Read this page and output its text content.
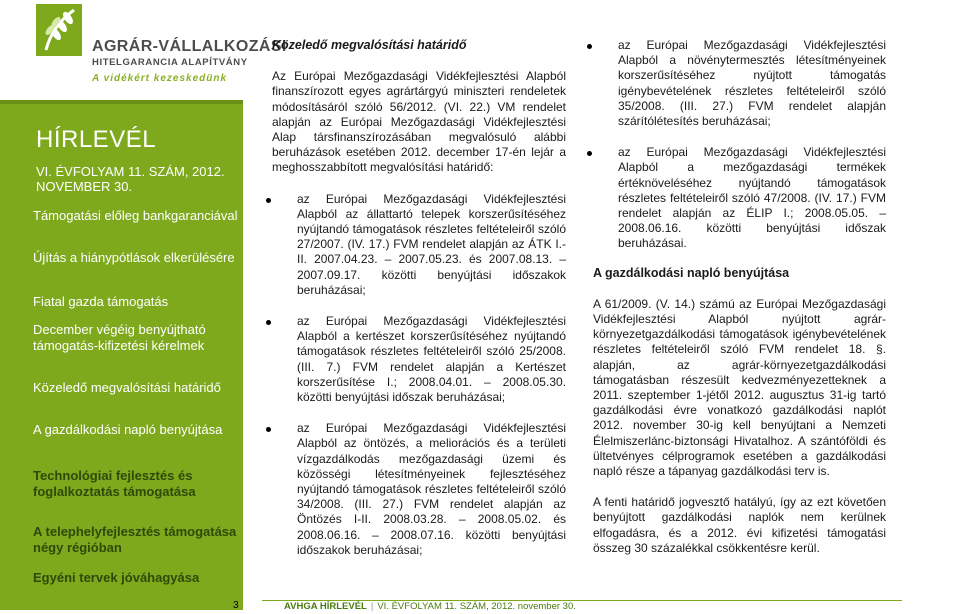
AGRÁR-VÁLLALKOZÁSI
HITELGARANCIA ALAPÍTVÁNY
A vidékért kezeskedünk
HÍRLEVÉL
VI. ÉVFOLYAM 11. SZÁM, 2012. NOVEMBER 30.
Támogatási előleg bankgaranciával
Újítás a hiánypótlások elkerülésére
Fiatal gazda támogatás
December végéig benyújtható támogatás-kifizetési kérelmek
Közeledő megvalósítási határidő
A gazdálkodási napló benyújtása
Technológiai fejlesztés és foglalkoztatás támogatása
A telephelyfejlesztés támogatása négy régióban
Egyéni tervek jóváhagyása
3
Közeledő megvalósítási határidő

Az Európai Mezőgazdasági Vidékfejlesztési Alapból finanszírozott egyes agrártárgyú miniszteri rendeletek módosításáról szóló 56/2012. (VI. 22.) VM rendelet alapján az Európai Mezőgazdasági Vidékfejlesztési Alap társfinanszírozásában megvalósuló alábbi beruházások esetében 2012. december 17-én lejár a meghosszabbított megvalósítási határidő:

az Európai Mezőgazdasági Vidékfejlesztési Alapból az állattartó telepek korszerűsítéséhez nyújtandó támogatások részletes feltételeiről szóló 27/2007. (IV. 17.) FVM rendelet alapján az ÁTK I.-II. 2007.04.23. – 2007.05.23. és 2007.08.13. – 2007.09.17. közötti benyújtási időszakok beruházásai;
az Európai Mezőgazdasági Vidékfejlesztési Alapból a kertészet korszerűsítéséhez nyújtandó támogatások részletes feltételeiről szóló 25/2008. (III. 7.) FVM rendelet alapján a Kertészet korszerűsítése I.; 2008.04.01. – 2008.05.30. közötti benyújtási időszak beruházásai;
az Európai Mezőgazdasági Vidékfejlesztési Alapból az öntözés, a meliorációs és a területi vízgazdálkodás mezőgazdasági üzemi és közösségi létesítményeinek fejlesztéséhez nyújtandó támogatások részletes feltételeiről szóló 34/2008. (III. 27.) FVM rendelet alapján az Öntözés I-II. 2008.03.28. – 2008.05.02. és 2008.06.16. – 2008.07.16. közötti benyújtási időszakok beruházásai;
az Európai Mezőgazdasági Vidékfejlesztési Alapból a növénytermesztés létesítményeinek korszerűsítéséhez nyújtott támogatás igénybevételének részletes feltételeiről szóló 35/2008. (III. 27.) FVM rendelet alapján szárítólétesítés beruházásai;
az Európai Mezőgazdasági Vidékfejlesztési Alapból a mezőgazdasági termékek értéknöveléséhez nyújtandó támogatások részletes feltételeiről szóló 47/2008. (IV. 17.) FVM rendelet alapján az ÉLIP I.; 2008.05.05. – 2008.06.16. közötti benyújtási időszak beruházásai.
A gazdálkodási napló benyújtása

A 61/2009. (V. 14.) számú az Európai Mezőgazdasági Vidékfejlesztési Alapból nyújtott agrár-környezetgazdálkodási támogatások igénybevételének részletes feltételeiről szóló FVM rendelet 18. §. alapján, az agrár-környezetgazdálkodási támogatásban részesült kedvezményezetteknek a 2011. szeptember 1-jétől 2012. augusztus 31-ig tartó gazdálkodási évre vonatkozó gazdálkodási naplót 2012. november 30-ig kell benyújtani a Nemzeti Élelmiszerlánc-biztonsági Hivatalhoz. A szántóföldi és ültetvényes célprogramok esetében a gazdálkodási napló része a tápanyag gazdálkodási terv is.

A fenti határidő jogvesztő hatályú, így az ezt követően benyújtott gazdálkodási naplók nem kerülnek elfogadásra, és a 2012. évi kifizetési támogatási összeg 30 százalékkal csökkentésre kerül.

AVHGA HÍRLEVÉL | VI. ÉVFOLYAM 11. SZÁM, 2012. november 30.
